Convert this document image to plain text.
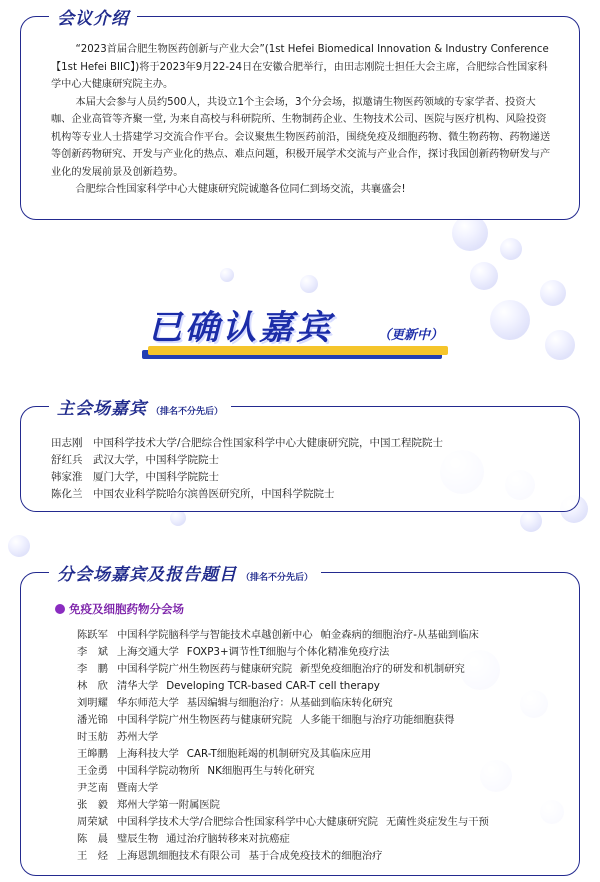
会议介绍

“2023首届合肥生物医药创新与产业大会”(1st Hefei Biomedical Innovation & Industry Conference【1st Hefei BIIC】)将于2023年9月22-24日在安徽合肥举行，由田志刚院士担任大会主席，合肥综合性国家科学中心大健康研究院主办。

本届大会参与人员约500人，共设立1个主会场，3个分会场，拟邀请生物医药领域的专家学者、投资大咖、企业高管等齐聚一堂, 为来自高校与科研院所、生物制药企业、生物技术公司、医院与医疗机构、风险投资机构等专业人士搭建学习交流合作平台。会议聚焦生物医药前沿，围绕免疫及细胞药物、微生物药物、药物递送等创新药物研究、开发与产业化的热点、难点问题，积极开展学术交流与产业合作，探讨我国创新药物研发与产业化的发展前景及创新趋势。

合肥综合性国家科学中心大健康研究院诚邀各位同仁到场交流，共襄盛会!

已确认嘉宾	（更新中）
主会场嘉宾 （排名不分先后）
田志刚 中国科学技术大学/合肥综合性国家科学中心大健康研究院，中国工程院院士
舒红兵 武汉大学，中国科学院院士
韩家淮 厦门大学，中国科学院院士
陈化兰 中国农业科学院哈尔滨兽医研究所，中国科学院院士
分会场嘉宾及报告题目 （排名不分先后）
免疫及细胞药物分会场
陈跃军 中国科学院脑科学与智能技术卓越创新中心 帕金森病的细胞治疗-从基础到临床
李　斌 上海交通大学 FOXP3+调节性T细胞与个体化精准免疫疗法
李　鹏 中国科学院广州生物医药与健康研究院 新型免疫细胞治疗的研发和机制研究
林　欣 清华大学 Developing TCR-based CAR-T cell therapy
刘明耀 华东师范大学 基因编辑与细胞治疗：从基础到临床转化研究
潘光锦 中国科学院广州生物医药与健康研究院 人多能干细胞与治疗功能细胞获得
时玉舫 苏州大学
王皞鹏 上海科技大学 CAR-T细胞耗竭的机制研究及其临床应用
王金勇 中国科学院动物所 NK细胞再生与转化研究
尹芝南 暨南大学
张　毅 郑州大学第一附属医院
周荣斌 中国科学技术大学/合肥综合性国家科学中心大健康研究院 无菌性炎症发生与干预
陈　晨 璧辰生物 通过治疗脑转移来对抗癌症
王　烃 上海恩凯细胞技术有限公司 基于合成免疫技术的细胞治疗
